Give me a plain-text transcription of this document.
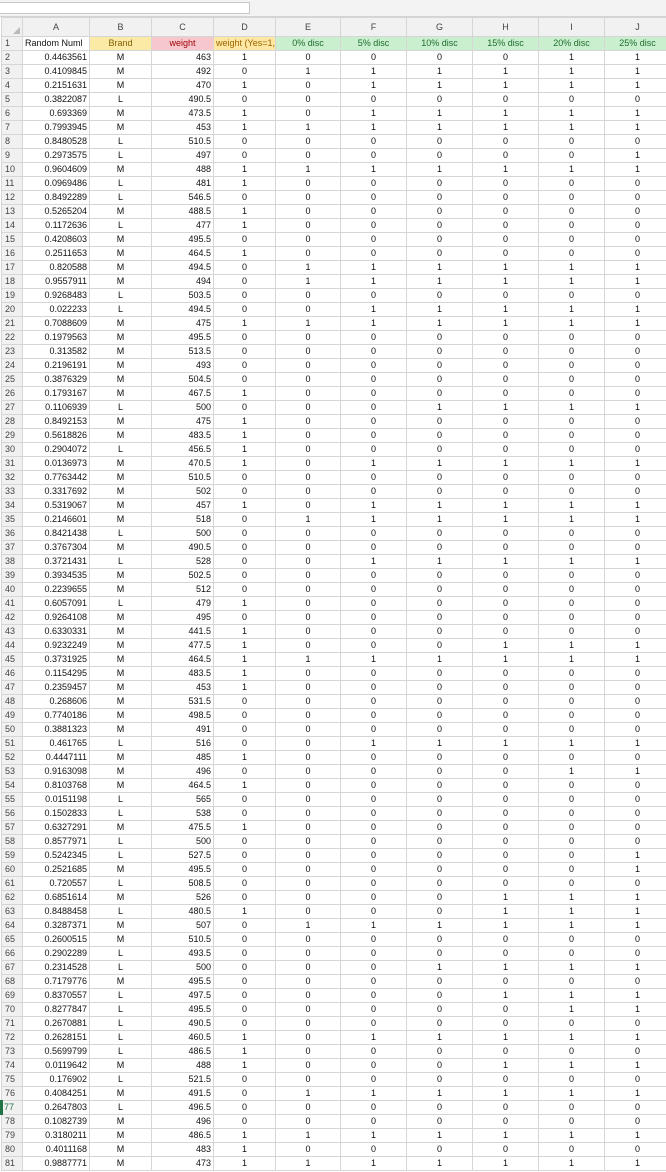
	A	B	C	D	E	F	G	H	I	J
1	Random Numl	Brand	weight	weight (Yes=1,	0% disc	5% disc	10% disc	15% disc	20% disc	25% disc
2	0.4463561	M	463	1	0	0	0	0	1	1
3	0.4109845	M	492	0	1	1	1	1	1	1
4	0.2151631	M	470	1	0	1	1	1	1	1
5	0.3822087	L	490.5	0	0	0	0	0	0	0
6	0.693369	M	473.5	1	0	1	1	1	1	1
7	0.7993945	M	453	1	1	1	1	1	1	1
8	0.8480528	L	510.5	0	0	0	0	0	0	0
9	0.2973575	L	497	0	0	0	0	0	0	1
10	0.9604609	M	488	1	1	1	1	1	1	1
11	0.0969486	L	481	1	0	0	0	0	0	0
12	0.8492289	L	546.5	0	0	0	0	0	0	0
13	0.5265204	M	488.5	1	0	0	0	0	0	0
14	0.1172636	L	477	1	0	0	0	0	0	0
15	0.4208603	M	495.5	0	0	0	0	0	0	0
16	0.2511653	M	464.5	1	0	0	0	0	0	0
17	0.820588	M	494.5	0	1	1	1	1	1	1
18	0.9557911	M	494	0	1	1	1	1	1	1
19	0.9268483	L	503.5	0	0	0	0	0	0	0
20	0.022233	L	494.5	0	0	1	1	1	1	1
21	0.7088609	M	475	1	1	1	1	1	1	1
22	0.1979563	M	495.5	0	0	0	0	0	0	0
23	0.313582	M	513.5	0	0	0	0	0	0	0
24	0.2196191	M	493	0	0	0	0	0	0	0
25	0.3876329	M	504.5	0	0	0	0	0	0	0
26	0.1793167	M	467.5	1	0	0	0	0	0	0
27	0.1106939	L	500	0	0	0	1	1	1	1
28	0.8492153	M	475	1	0	0	0	0	0	0
29	0.5618826	M	483.5	1	0	0	0	0	0	0
30	0.2904072	L	456.5	1	0	0	0	0	0	0
31	0.0136973	M	470.5	1	0	1	1	1	1	1
32	0.7763442	M	510.5	0	0	0	0	0	0	0
33	0.3317692	M	502	0	0	0	0	0	0	0
34	0.5319067	M	457	1	0	1	1	1	1	1
35	0.2146601	M	518	0	1	1	1	1	1	1
36	0.8421438	L	500	0	0	0	0	0	0	0
37	0.3767304	M	490.5	0	0	0	0	0	0	0
38	0.3721431	L	528	0	0	1	1	1	1	1
39	0.3934535	M	502.5	0	0	0	0	0	0	0
40	0.2239655	M	512	0	0	0	0	0	0	0
41	0.6057091	L	479	1	0	0	0	0	0	0
42	0.9264108	M	495	0	0	0	0	0	0	0
43	0.6330331	M	441.5	1	0	0	0	0	0	0
44	0.9232249	M	477.5	1	0	0	0	1	1	1
45	0.3731925	M	464.5	1	1	1	1	1	1	1
46	0.1154295	M	483.5	1	0	0	0	0	0	0
47	0.2359457	M	453	1	0	0	0	0	0	0
48	0.268606	M	531.5	0	0	0	0	0	0	0
49	0.7740186	M	498.5	0	0	0	0	0	0	0
50	0.3881323	M	491	0	0	0	0	0	0	0
51	0.461765	L	516	0	0	1	1	1	1	1
52	0.4447111	M	485	1	0	0	0	0	0	0
53	0.9163098	M	496	0	0	0	0	0	1	1
54	0.8103768	M	464.5	1	0	0	0	0	0	0
55	0.0151198	L	565	0	0	0	0	0	0	0
56	0.1502833	L	538	0	0	0	0	0	0	0
57	0.6327291	M	475.5	1	0	0	0	0	0	0
58	0.8577971	L	500	0	0	0	0	0	0	0
59	0.5242345	L	527.5	0	0	0	0	0	0	1
60	0.2521685	M	495.5	0	0	0	0	0	0	1
61	0.720557	L	508.5	0	0	0	0	0	0	0
62	0.6851614	M	526	0	0	0	0	1	1	1
63	0.8488458	L	480.5	1	0	0	0	1	1	1
64	0.3287371	M	507	0	1	1	1	1	1	1
65	0.2600515	M	510.5	0	0	0	0	0	0	0
66	0.2902289	L	493.5	0	0	0	0	0	0	0
67	0.2314528	L	500	0	0	0	1	1	1	1
68	0.7179776	M	495.5	0	0	0	0	0	0	0
69	0.8370557	L	497.5	0	0	0	0	1	1	1
70	0.8277847	L	495.5	0	0	0	0	0	1	1
71	0.2670881	L	490.5	0	0	0	0	0	0	0
72	0.2628151	L	460.5	1	0	1	1	1	1	1
73	0.5699799	L	486.5	1	0	0	0	0	0	0
74	0.0119642	M	488	1	0	0	0	1	1	1
75	0.176902	L	521.5	0	0	0	0	0	0	0
76	0.4084251	M	491.5	0	1	1	1	1	1	1
77	0.2647803	L	496.5	0	0	0	0	0	0	0
78	0.1082739	M	496	0	0	0	0	0	0	0
79	0.3180211	M	486.5	1	1	1	1	1	1	1
80	0.4011168	M	483	1	0	0	0	0	0	0
81	0.9887771	M	473	1	1	1	1	1	1	1
